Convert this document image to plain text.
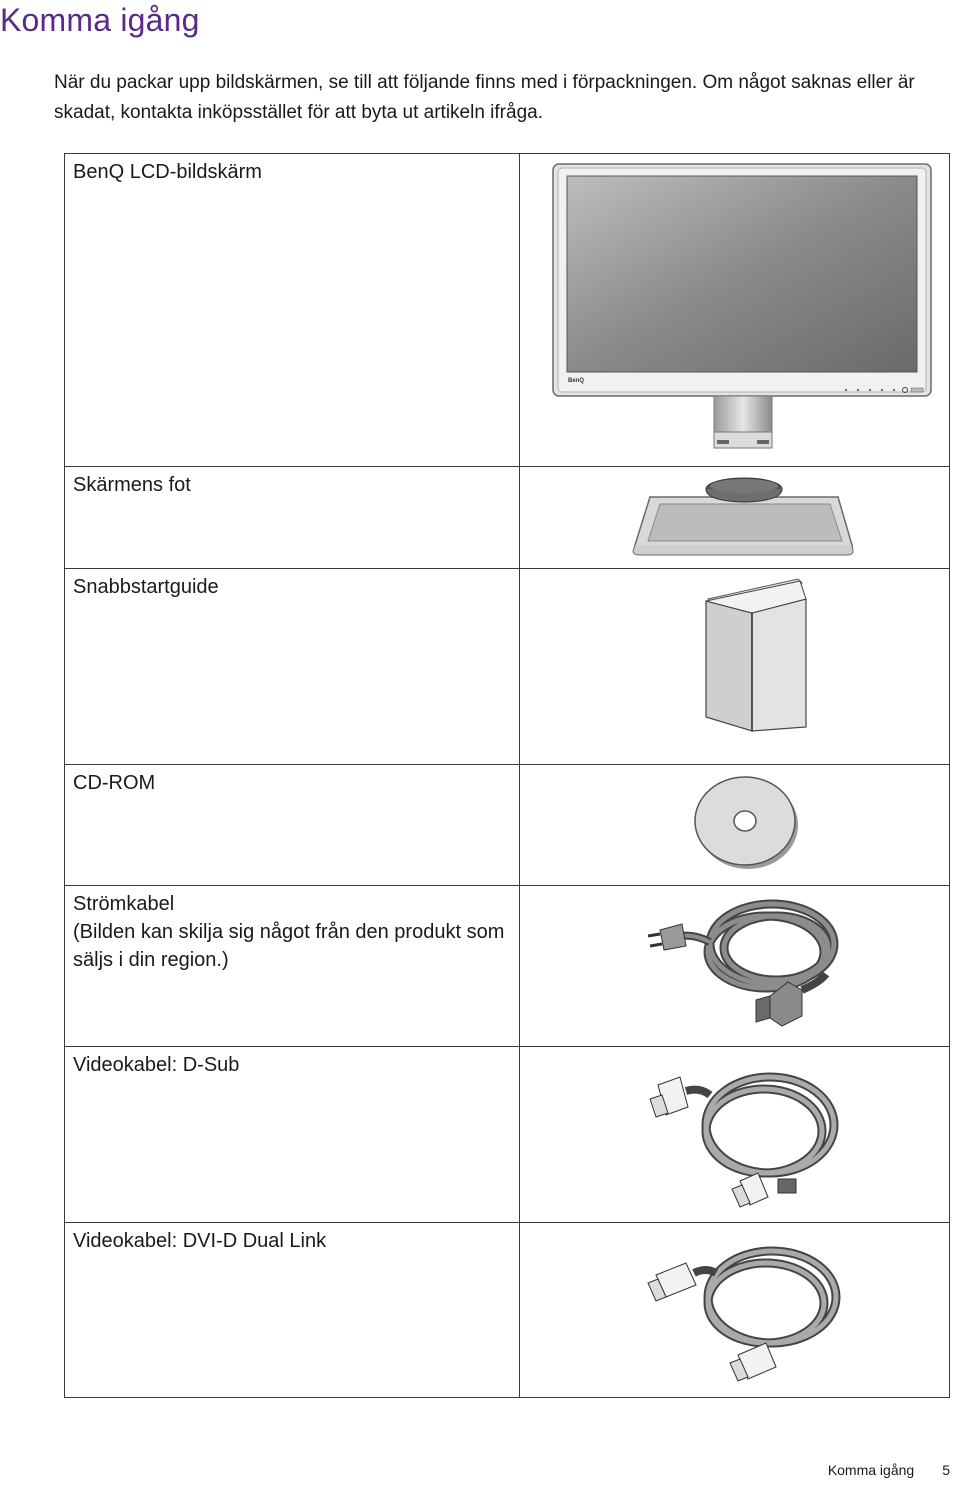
Komma igång

När du packar upp bildskärmen, se till att följande finns med i förpackningen. Om något saknas eller är skadat, kontakta inköpsstället för att byta ut artikeln ifråga.

BenQ LCD-bildskärm	BenQ

Skärmens fot	

Snabbstartguide	

CD-ROM	

Strömkabel
(Bilden kan skilja sig något från den produkt som säljs i din region.)

Videokabel: D-Sub	

Videokabel: DVI-D Dual Link	
Komma igång 5
